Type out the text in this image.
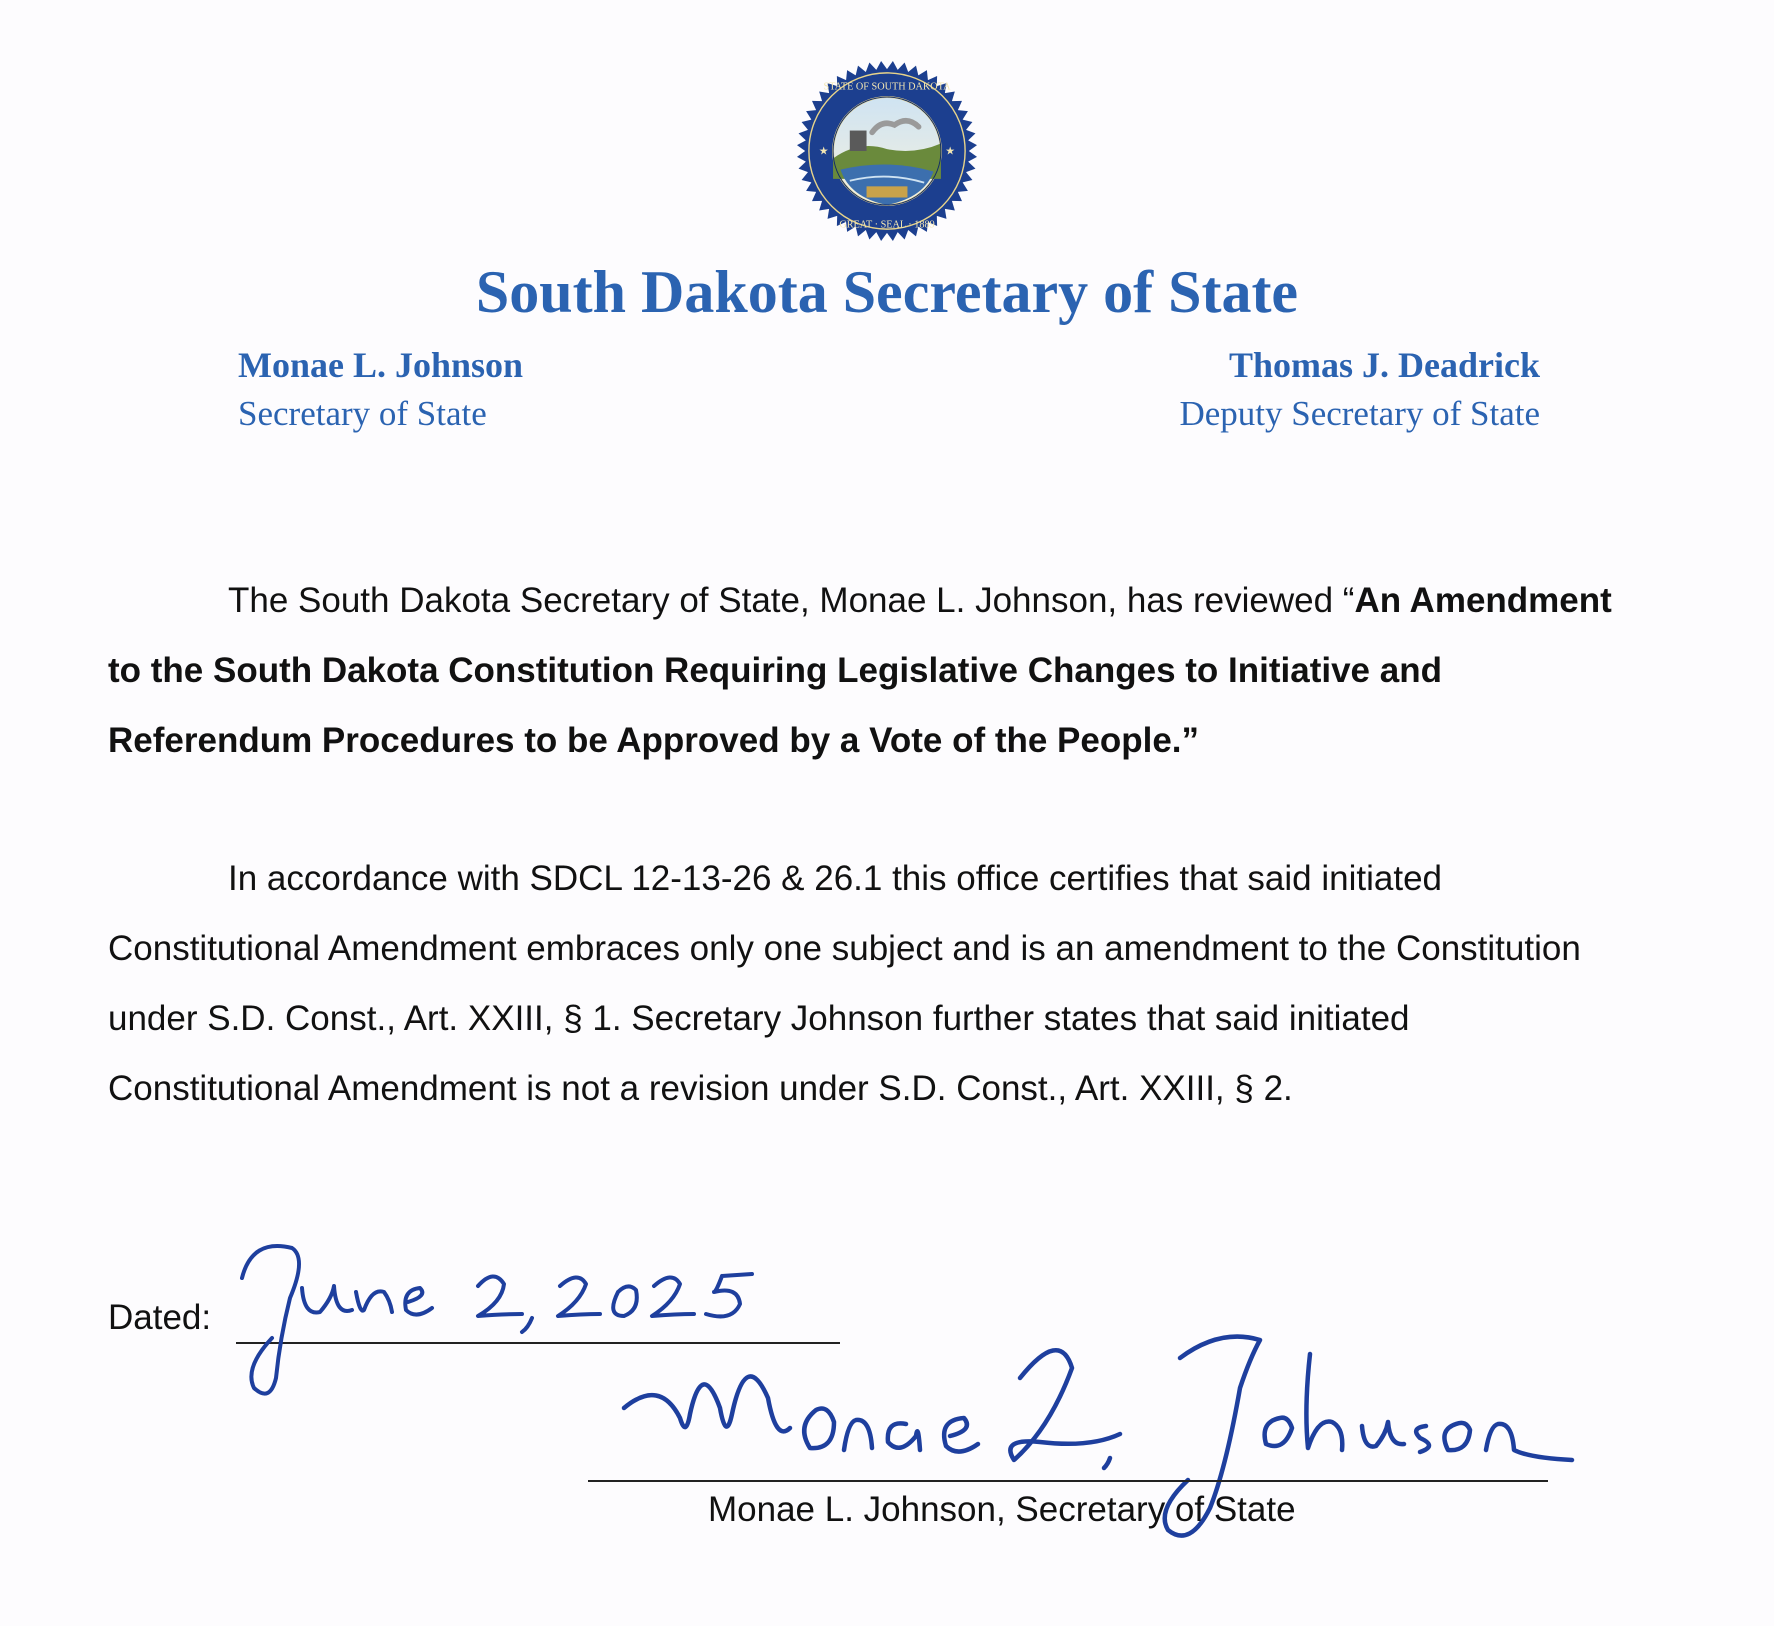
STATE OF SOUTH DAKOTA
GREAT · SEAL · 1889
★	★
South Dakota Secretary of State
Monae L. Johnson
Secretary of State
Thomas J. Deadrick
Deputy Secretary of State

The South Dakota Secretary of State, Monae L. Johnson, has reviewed “An Amendment to the South Dakota Constitution Requiring Legislative Changes to Initiative and Referendum Procedures to be Approved by a Vote of the People.”

In accordance with SDCL 12-13-26 & 26.1 this office certifies that said initiated Constitutional Amendment embraces only one subject and is an amendment to the Constitution under S.D. Const., Art. XXIII, § 1. Secretary Johnson further states that said initiated Constitutional Amendment is not a revision under S.D. Const., Art. XXIII, § 2.

Dated:
Monae L. Johnson, Secretary of State
